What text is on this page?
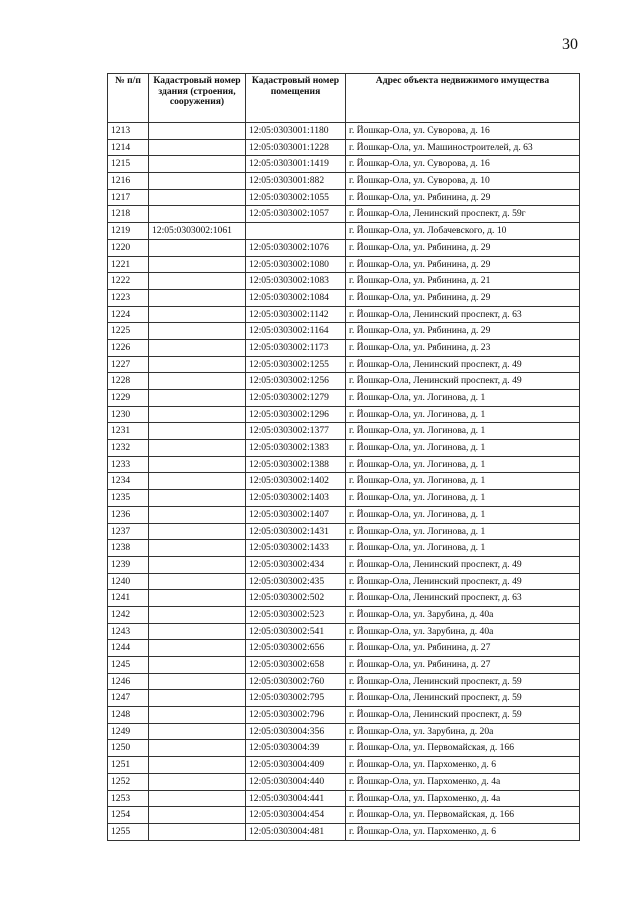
30
№ п/п	Кадастровый номер здания (строения, сооружения)	Кадастровый номер помещения	Адрес объекта недвижимого имущества
1213		12:05:0303001:1180	г. Йошкар-Ола, ул. Суворова, д. 16
1214		12:05:0303001:1228	г. Йошкар-Ола, ул. Машиностроителей, д. 63
1215		12:05:0303001:1419	г. Йошкар-Ола, ул. Суворова, д. 16
1216		12:05:0303001:882	г. Йошкар-Ола, ул. Суворова, д. 10
1217		12:05:0303002:1055	г. Йошкар-Ола, ул. Рябинина, д. 29
1218		12:05:0303002:1057	г. Йошкар-Ола, Ленинский проспект, д. 59г
1219	12:05:0303002:1061		г. Йошкар-Ола, ул. Лобачевского, д. 10
1220		12:05:0303002:1076	г. Йошкар-Ола, ул. Рябинина, д. 29
1221		12:05:0303002:1080	г. Йошкар-Ола, ул. Рябинина, д. 29
1222		12:05:0303002:1083	г. Йошкар-Ола, ул. Рябинина, д. 21
1223		12:05:0303002:1084	г. Йошкар-Ола, ул. Рябинина, д. 29
1224		12:05:0303002:1142	г. Йошкар-Ола, Ленинский проспект, д. 63
1225		12:05:0303002:1164	г. Йошкар-Ола, ул. Рябинина, д. 29
1226		12:05:0303002:1173	г. Йошкар-Ола, ул. Рябинина, д. 23
1227		12:05:0303002:1255	г. Йошкар-Ола, Ленинский проспект, д. 49
1228		12:05:0303002:1256	г. Йошкар-Ола, Ленинский проспект, д. 49
1229		12:05:0303002:1279	г. Йошкар-Ола, ул. Логинова, д. 1
1230		12:05:0303002:1296	г. Йошкар-Ола, ул. Логинова, д. 1
1231		12:05:0303002:1377	г. Йошкар-Ола, ул. Логинова, д. 1
1232		12:05:0303002:1383	г. Йошкар-Ола, ул. Логинова, д. 1
1233		12:05:0303002:1388	г. Йошкар-Ола, ул. Логинова, д. 1
1234		12:05:0303002:1402	г. Йошкар-Ола, ул. Логинова, д. 1
1235		12:05:0303002:1403	г. Йошкар-Ола, ул. Логинова, д. 1
1236		12:05:0303002:1407	г. Йошкар-Ола, ул. Логинова, д. 1
1237		12:05:0303002:1431	г. Йошкар-Ола, ул. Логинова, д. 1
1238		12:05:0303002:1433	г. Йошкар-Ола, ул. Логинова, д. 1
1239		12:05:0303002:434	г. Йошкар-Ола, Ленинский проспект, д. 49
1240		12:05:0303002:435	г. Йошкар-Ола, Ленинский проспект, д. 49
1241		12:05:0303002:502	г. Йошкар-Ола, Ленинский проспект, д. 63
1242		12:05:0303002:523	г. Йошкар-Ола, ул. Зарубина, д. 40а
1243		12:05:0303002:541	г. Йошкар-Ола, ул. Зарубина, д. 40а
1244		12:05:0303002:656	г. Йошкар-Ола, ул. Рябинина, д. 27
1245		12:05:0303002:658	г. Йошкар-Ола, ул. Рябинина, д. 27
1246		12:05:0303002:760	г. Йошкар-Ола, Ленинский проспект, д. 59
1247		12:05:0303002:795	г. Йошкар-Ола, Ленинский проспект, д. 59
1248		12:05:0303002:796	г. Йошкар-Ола, Ленинский проспект, д. 59
1249		12:05:0303004:356	г. Йошкар-Ола, ул. Зарубина, д. 20а
1250		12:05:0303004:39	г. Йошкар-Ола, ул. Первомайская, д. 166
1251		12:05:0303004:409	г. Йошкар-Ола, ул. Пархоменко, д. 6
1252		12:05:0303004:440	г. Йошкар-Ола, ул. Пархоменко, д. 4а
1253		12:05:0303004:441	г. Йошкар-Ола, ул. Пархоменко, д. 4а
1254		12:05:0303004:454	г. Йошкар-Ола, ул. Первомайская, д. 166
1255		12:05:0303004:481	г. Йошкар-Ола, ул. Пархоменко, д. 6
